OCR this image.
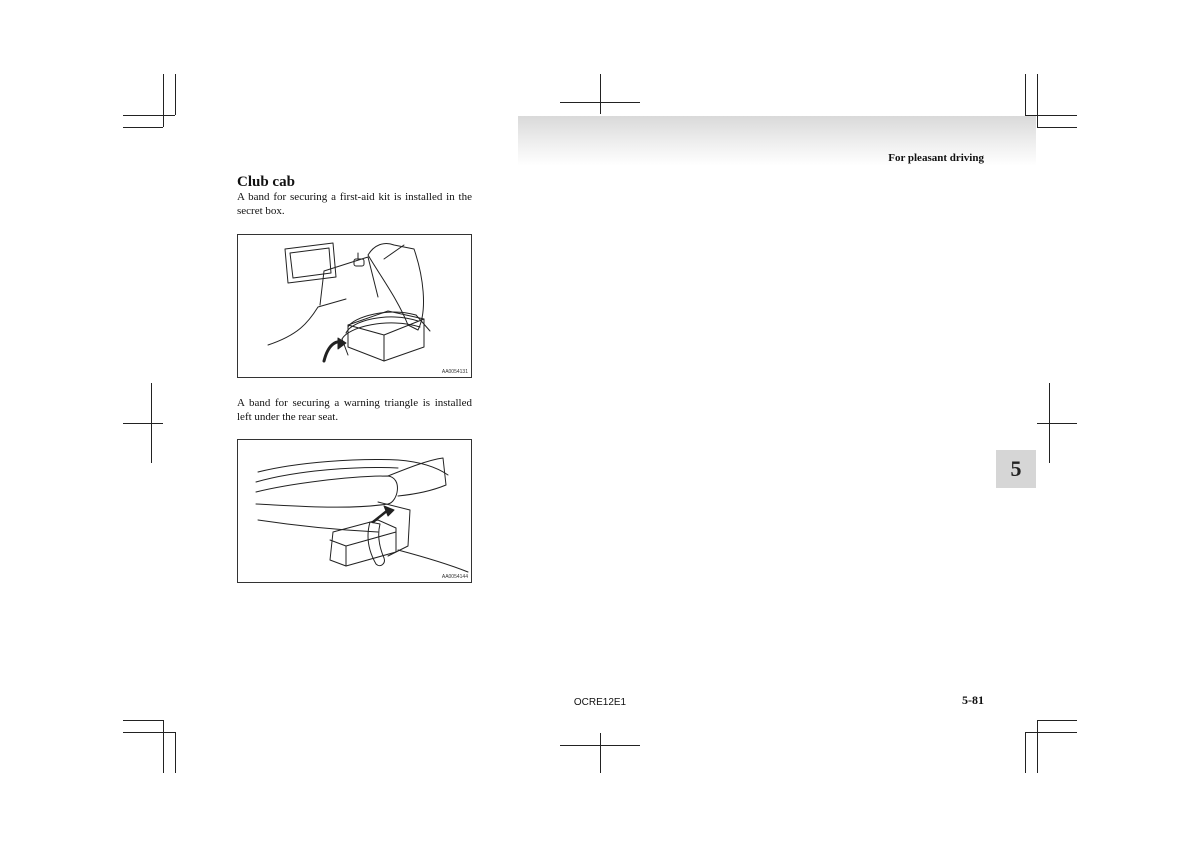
For pleasant driving
5
Club cab
A band for securing a first-aid kit is installed in the secret box.
AA0054131
A band for securing a warning triangle is installed left under the rear seat.
AA0054144
OCRE12E1	5-81
